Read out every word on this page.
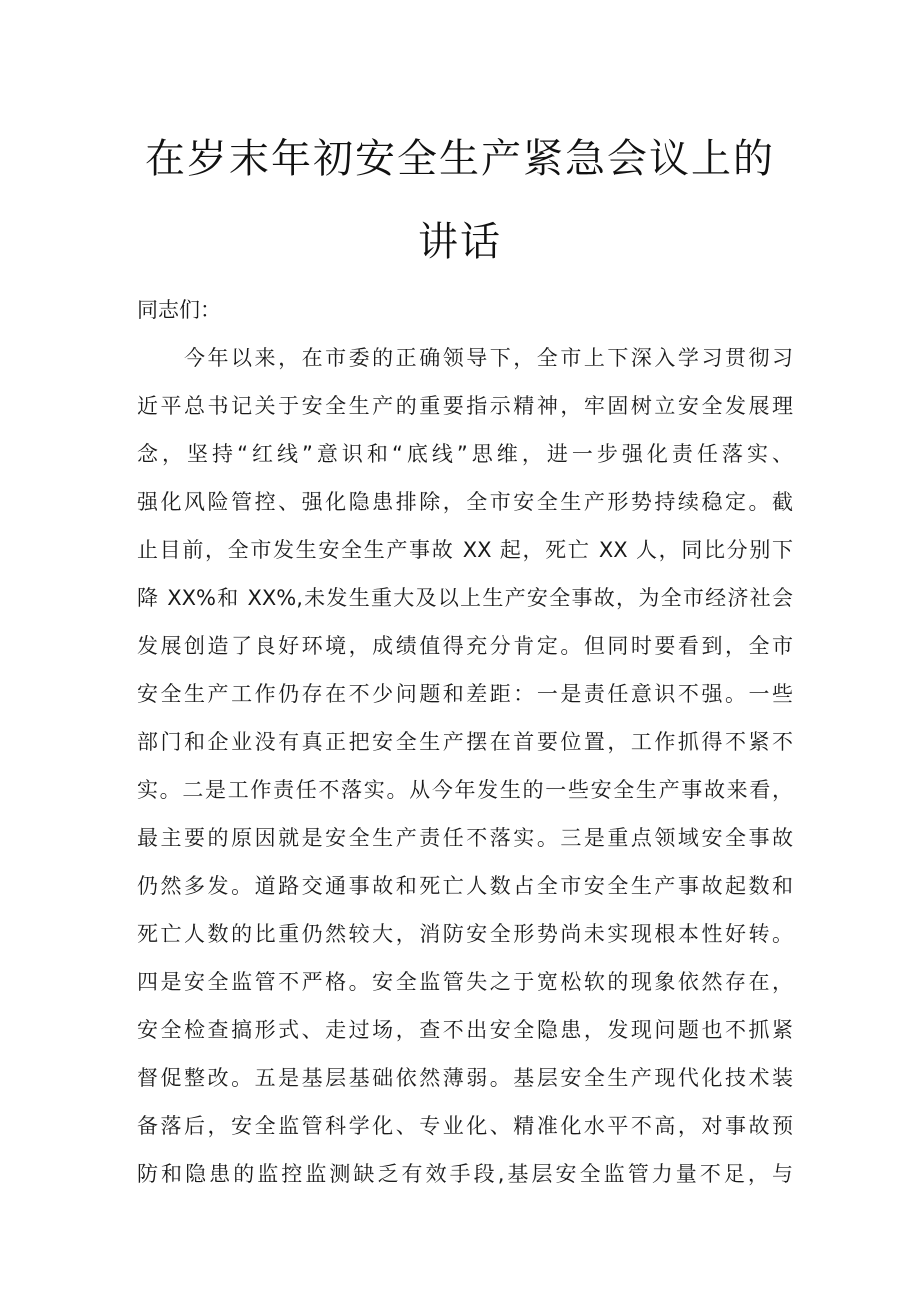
在岁末年初安全生产紧急会议上的
讲话
同志们：
今年以来，在市委的正确领导下，全市上下深入学习贯彻习
近平总书记关于安全生产的重要指示精神，牢固树立安全发展理
念，坚持“红线”意识和“底线”思维，进一步强化责任落实、
强化风险管控、强化隐患排除，全市安全生产形势持续稳定。截
止目前，全市发生安全生产事故 XX 起，死亡 XX 人，同比分别下
降 XX%和 XX%,未发生重大及以上生产安全事故，为全市经济社会
发展创造了良好环境，成绩值得充分肯定。但同时要看到，全市
安全生产工作仍存在不少问题和差距：一是责任意识不强。一些
部门和企业没有真正把安全生产摆在首要位置，工作抓得不紧不
实。二是工作责任不落实。从今年发生的一些安全生产事故来看，
最主要的原因就是安全生产责任不落实。三是重点领域安全事故
仍然多发。道路交通事故和死亡人数占全市安全生产事故起数和
死亡人数的比重仍然较大，消防安全形势尚未实现根本性好转。
四是安全监管不严格。安全监管失之于宽松软的现象依然存在，
安全检查搞形式、走过场，查不出安全隐患，发现问题也不抓紧
督促整改。五是基层基础依然薄弱。基层安全生产现代化技术装
备落后，安全监管科学化、专业化、精准化水平不高，对事故预
防和隐患的监控监测缺乏有效手段,基层安全监管力量不足，与
